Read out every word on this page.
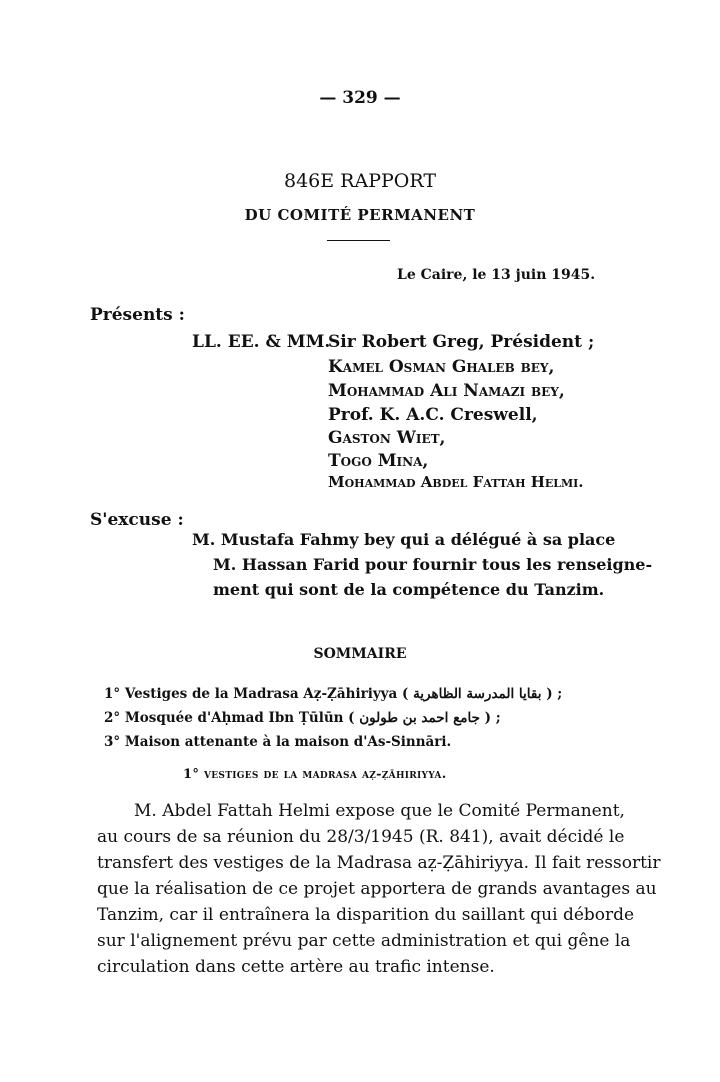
— 329 —
846E RAPPORT
DU COMITÉ PERMANENT
Le Caire, le 13 juin 1945.
Présents :
LL. EE. & MM.
Sir Robert Greg, Président ;
Kamel Osman Ghaleb bey,
Mohammad Ali Namazi bey,
Prof. K. A.C. Creswell,
Gaston Wiet,
Togo Mina,
Mohammad Abdel Fattah Helmi.
S'excuse :
M. Mustafa Fahmy bey qui a délégué à sa place
M. Hassan Farid pour fournir tous les renseigne-
ment qui sont de la compétence du Tanzim.
SOMMAIRE
1° Vestiges de la Madrasa Aẓ-Ẓāhiriyya ( بقايا المدرسة الظاهرية ) ;
2° Mosquée d'Aḥmad Ibn Ṭūlūn ( جامع احمد بن طولون ) ;
3° Maison attenante à la maison d'As-Sinnāri.
1° vestiges de la madrasa aẓ-ẓāhiriyya.
M. Abdel Fattah Helmi expose que le Comité Permanent,
au cours de sa réunion du 28/3/1945 (R. 841), avait décidé le
transfert des vestiges de la Madrasa aẓ-Ẓāhiriyya. Il fait ressortir
que la réalisation de ce projet apportera de grands avantages au
Tanzim, car il entraînera la disparition du saillant qui déborde
sur l'alignement prévu par cette administration et qui gêne la
circulation dans cette artère au trafic intense.
